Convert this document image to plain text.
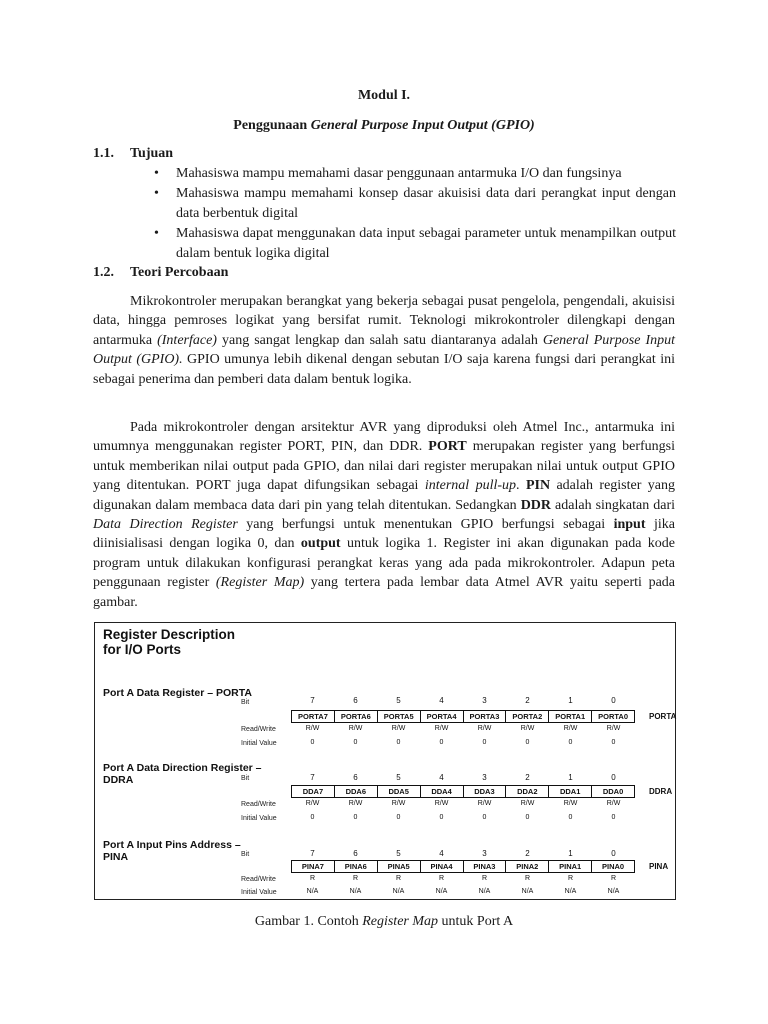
Modul I.
Penggunaan General Purpose Input Output (GPIO)
1.1. Tujuan
• Mahasiswa mampu memahami dasar penggunaan antarmuka I/O dan fungsinya
• Mahasiswa mampu memahami konsep dasar akuisisi data dari perangkat input dengan data berbentuk digital
• Mahasiswa dapat menggunakan data input sebagai parameter untuk menampilkan output dalam bentuk logika digital
1.2. Teori Percobaan

Mikrokontroler merupakan berangkat yang bekerja sebagai pusat pengelola, pengendali, akuisisi data, hingga pemroses logikat yang bersifat rumit. Teknologi mikrokontroler dilengkapi dengan antarmuka (Interface) yang sangat lengkap dan salah satu diantaranya adalah General Purpose Input Output (GPIO). GPIO umunya lebih dikenal dengan sebutan I/O saja karena fungsi dari perangkat ini sebagai penerima dan pemberi data dalam bentuk logika.

Pada mikrokontroler dengan arsitektur AVR yang diproduksi oleh Atmel Inc., antarmuka ini umumnya menggunakan register PORT, PIN, dan DDR. PORT merupakan register yang berfungsi untuk memberikan nilai output pada GPIO, dan nilai dari register merupakan nilai untuk output GPIO yang ditentukan. PORT juga dapat difungsikan sebagai internal pull-up. PIN adalah register yang digunakan dalam membaca data dari pin yang telah ditentukan. Sedangkan DDR adalah singkatan dari Data Direction Register yang berfungsi untuk menentukan GPIO berfungsi sebagai input jika diinisialisasi dengan logika 0, dan output untuk logika 1. Register ini akan digunakan pada kode program untuk dilakukan konfigurasi perangkat keras yang ada pada mikrokontroler. Adapun peta penggunaan register (Register Map) yang tertera pada lembar data Atmel AVR yaitu seperti pada gambar.

Register Description for I/O Ports
Port A Data Register – PORTA
Bit	7	6	5	4	3	2	1	0
PORTA7	PORTA6	PORTA5	PORTA4	PORTA3	PORTA2	PORTA1	PORTA0	PORTA
Read/Write	R/W	R/W	R/W	R/W	R/W	R/W	R/W	R/W
Initial Value	0	0	0	0	0	0	0	0
Port A Data Direction Register – DDRA	Bit	7	6	5	4	3	2	1	0
DDA7	DDA6	DDA5	DDA4	DDA3	DDA2	DDA1	DDA0	DDRA
Read/Write	R/W	R/W	R/W	R/W	R/W	R/W	R/W	R/W
Initial Value	0	0	0	0	0	0	0	0
Port A Input Pins Address – PINA	Bit	7	6	5	4	3	2	1	0
PINA7	PINA6	PINA5	PINA4	PINA3	PINA2	PINA1	PINA0	PINA
Read/Write	R	R	R	R	R	R	R	R
Initial Value	N/A	N/A	N/A	N/A	N/A	N/A	N/A	N/A
Gambar 1. Contoh Register Map untuk Port A
